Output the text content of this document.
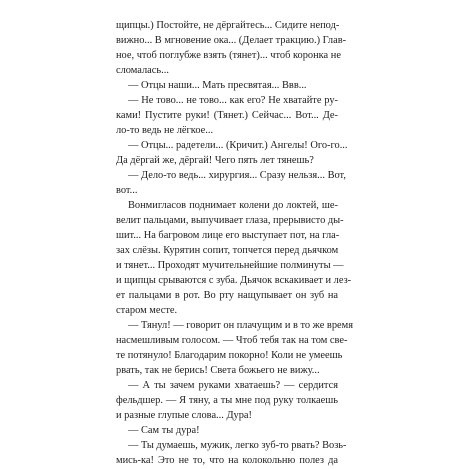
щипцы.) Постойте, не дёргайтесь... Сидите непод-
вижно... В мгновение ока... (Делает тракцию.) Глав-
ное, чтоб поглубже взять (тянет)... чтоб коронка не
сломалась...
— Отцы наши... Мать пресвятая... Ввв...
— Не тово... не тово... как его? Не хватайте ру-
ками! Пустите руки! (Тянет.) Сейчас... Вот... Де-
ло-то ведь не лёгкое...
— Отцы... радетели... (Кричит.) Ангелы! Ого-го...
Да дёргай же, дёргай! Чего пять лет тянешь?
— Дело-то ведь... хирургия... Сразу нельзя... Вот,
вот...
Вонмигласов поднимает колени до локтей, ше-
велит пальцами, выпучивает глаза, прерывисто ды-
шит... На багровом лице его выступает пот, на гла-
зах слёзы. Курятин сопит, топчется перед дьячком
и тянет... Проходят мучительнейшие полминуты —
и щипцы срываются с зуба. Дьячок вскакивает и лез-
ет пальцами в рот. Во рту нащупывает он зуб на
старом месте.
— Тянул! — говорит он плачущим и в то же время
насмешливым голосом. — Чтоб тебя так на том све-
те потянуло! Благодарим покорно! Коли не умеешь
рвать, так не берись! Света божьего не вижу...
— А ты зачем руками хватаешь? — сердится
фельдшер. — Я тяну, а ты мне под руку толкаешь
и разные глупые слова... Дура!
— Сам ты дура!
— Ты думаешь, мужик, легко зуб-то рвать? Возь-
мись-ка! Это не то, что на колокольню полез да
